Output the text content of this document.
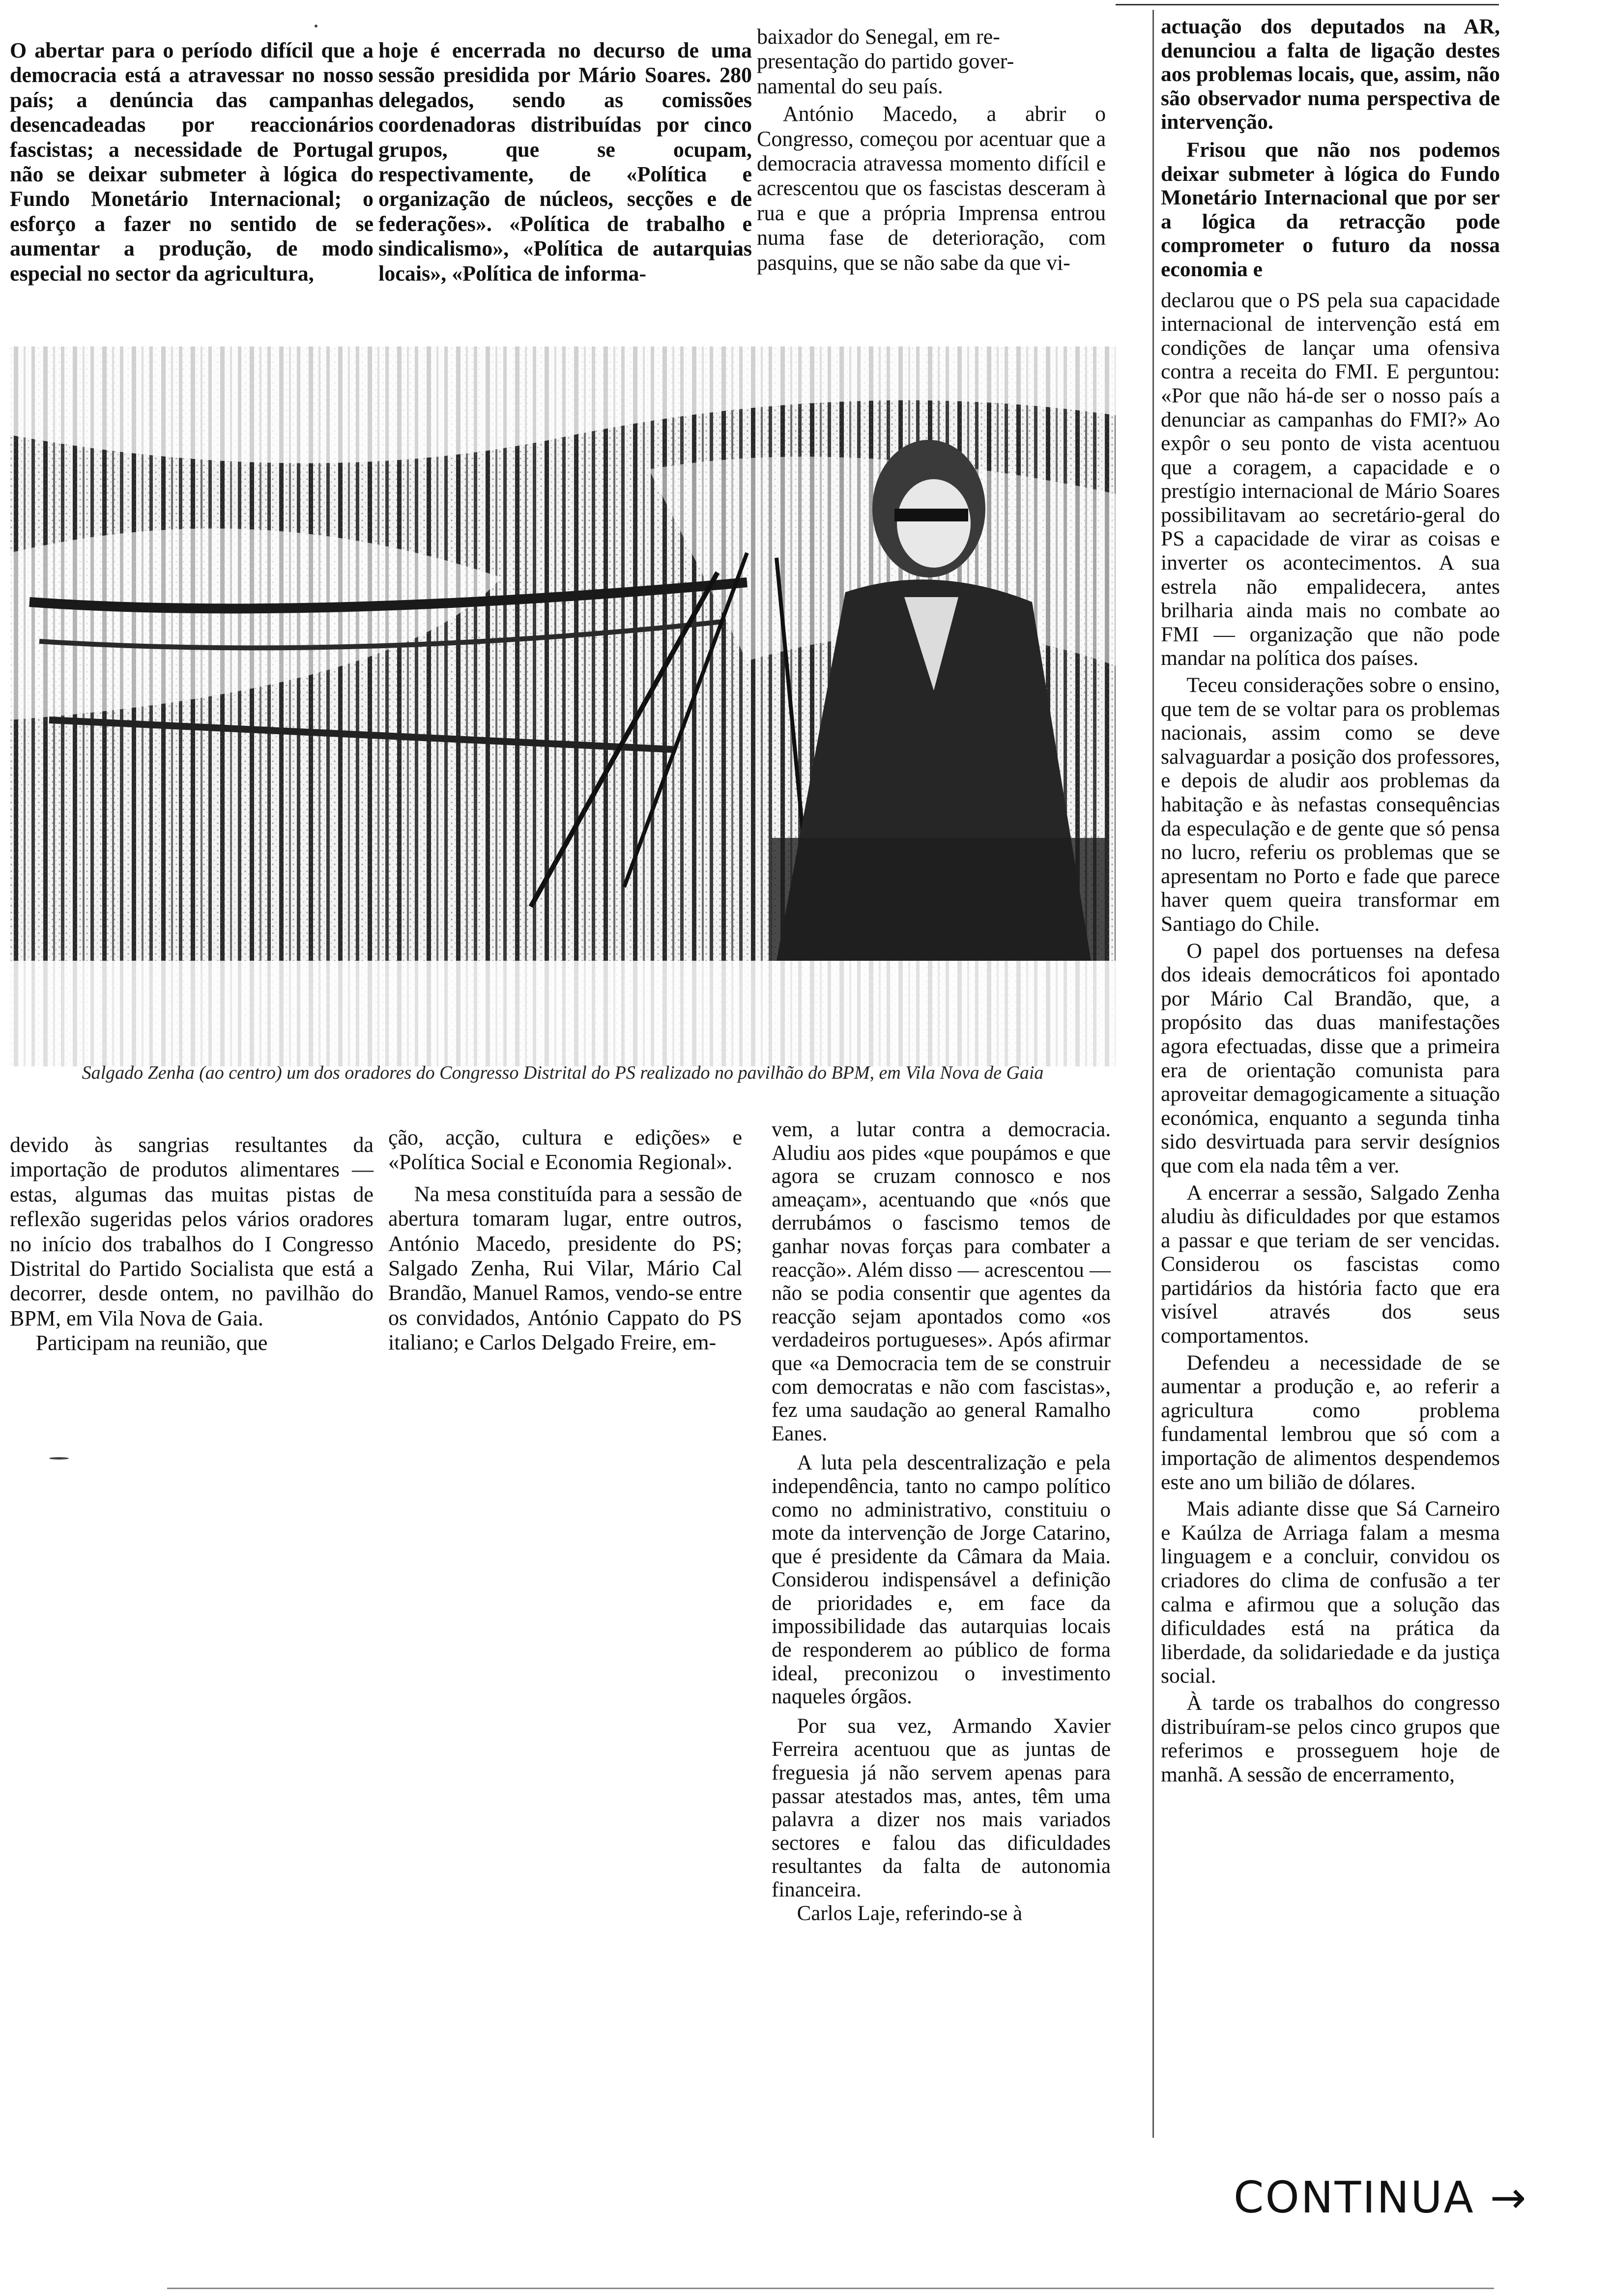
O abertar para o período difícil que a democracia está a atravessar no nosso país; a denúncia das campanhas desencadeadas por reaccionários fascistas; a necessidade de Portugal não se deixar submeter à lógica do Fundo Monetário Internacional; o esforço a fazer no sentido de se aumentar a produção, de modo especial no sector da agricultura,

hoje é encerrada no decurso de uma sessão presidida por Mário Soares. 280 delegados, sendo as comissões coordenadoras distribuídas por cinco grupos, que se ocupam, respectivamente, de «Política e organização de núcleos, secções e de federações». «Política de trabalho e sindicalismo», «Política de autarquias locais», «Política de informa-

baixador do Senegal, em re-
presentação do partido gover-
namental do seu país.

António Macedo, a abrir o Congresso, começou por acentuar que a democracia atravessa momento difícil e acrescentou que os fascistas desceram à rua e que a própria Imprensa entrou numa fase de deterioração, com pasquins, que se não sabe da que vi-

Salgado Zenha (ao centro) um dos oradores do Congresso Distrital do PS realizado no pavilhão do BPM, em Vila Nova de Gaia

devido às sangrias resultantes da importação de produtos alimentares — estas, algumas das muitas pistas de reflexão sugeridas pelos vários oradores no início dos trabalhos do I Congresso Distrital do Partido Socialista que está a decorrer, desde ontem, no pavilhão do BPM, em Vila Nova de Gaia.

Participam na reunião, que

ção, acção, cultura e edições» e «Política Social e Economia Regional».

Na mesa constituída para a sessão de abertura tomaram lugar, entre outros, António Macedo, presidente do PS; Salgado Zenha, Rui Vilar, Mário Cal Brandão, Manuel Ramos, vendo-se entre os convidados, António Cappato do PS italiano; e Carlos Delgado Freire, em-

vem, a lutar contra a democracia. Aludiu aos pides «que poupámos e que agora se cruzam connosco e nos ameaçam», acentuando que «nós que derrubámos o fascismo temos de ganhar novas forças para combater a reacção». Além disso — acrescentou — não se podia consentir que agentes da reacção sejam apontados como «os verdadeiros portugueses». Após afirmar que «a Democracia tem de se construir com democratas e não com fascistas», fez uma saudação ao general Ramalho Eanes.

A luta pela descentralização e pela independência, tanto no campo político como no administrativo, constituiu o mote da intervenção de Jorge Catarino, que é presidente da Câmara da Maia. Considerou indispensável a definição de prioridades e, em face da impossibilidade das autarquias locais de responderem ao público de forma ideal, preconizou o investimento naqueles órgãos.

Por sua vez, Armando Xavier Ferreira acentuou que as juntas de freguesia já não servem apenas para passar atestados mas, antes, têm uma palavra a dizer nos mais variados sectores e falou das dificuldades resultantes da falta de autonomia financeira.

Carlos Laje, referindo-se à

actuação dos deputados na AR, denunciou a falta de ligação destes aos problemas locais, que, assim, não são observador numa perspectiva de intervenção.

Frisou que não nos podemos deixar submeter à lógica do Fundo Monetário Internacional que por ser a lógica da retracção pode comprometer o futuro da nossa economia e

declarou que o PS pela sua capacidade internacional de intervenção está em condições de lançar uma ofensiva contra a receita do FMI. E perguntou: «Por que não há-de ser o nosso país a denunciar as campanhas do FMI?» Ao expôr o seu ponto de vista acentuou que a coragem, a capacidade e o prestígio internacional de Mário Soares possibilitavam ao secretário-geral do PS a capacidade de virar as coisas e inverter os acontecimentos. A sua estrela não empalidecera, antes brilharia ainda mais no combate ao FMI — organização que não pode mandar na política dos países.

Teceu considerações sobre o ensino, que tem de se voltar para os problemas nacionais, assim como se deve salvaguardar a posição dos professores, e depois de aludir aos problemas da habitação e às nefastas consequências da especulação e de gente que só pensa no lucro, referiu os problemas que se apresentam no Porto e fade que parece haver quem queira transformar em Santiago do Chile.

O papel dos portuenses na defesa dos ideais democráticos foi apontado por Mário Cal Brandão, que, a propósito das duas manifestações agora efectuadas, disse que a primeira era de orientação comunista para aproveitar demagogicamente a situação económica, enquanto a segunda tinha sido desvirtuada para servir desígnios que com ela nada têm a ver.

A encerrar a sessão, Salgado Zenha aludiu às dificuldades por que estamos a passar e que teriam de ser vencidas. Considerou os fascistas como partidários da história facto que era visível através dos seus comportamentos.

Defendeu a necessidade de se aumentar a produção e, ao referir a agricultura como problema fundamental lembrou que só com a importação de alimentos despendemos este ano um bilião de dólares.

Mais adiante disse que Sá Carneiro e Kaúlza de Arriaga falam a mesma linguagem e a concluir, convidou os criadores do clima de confusão a ter calma e afirmou que a solução das dificuldades está na prática da liberdade, da solidariedade e da justiça social.

À tarde os trabalhos do congresso distribuíram-se pelos cinco grupos que referimos e prosseguem hoje de manhã. A sessão de encerramento,

CONTINUA →
